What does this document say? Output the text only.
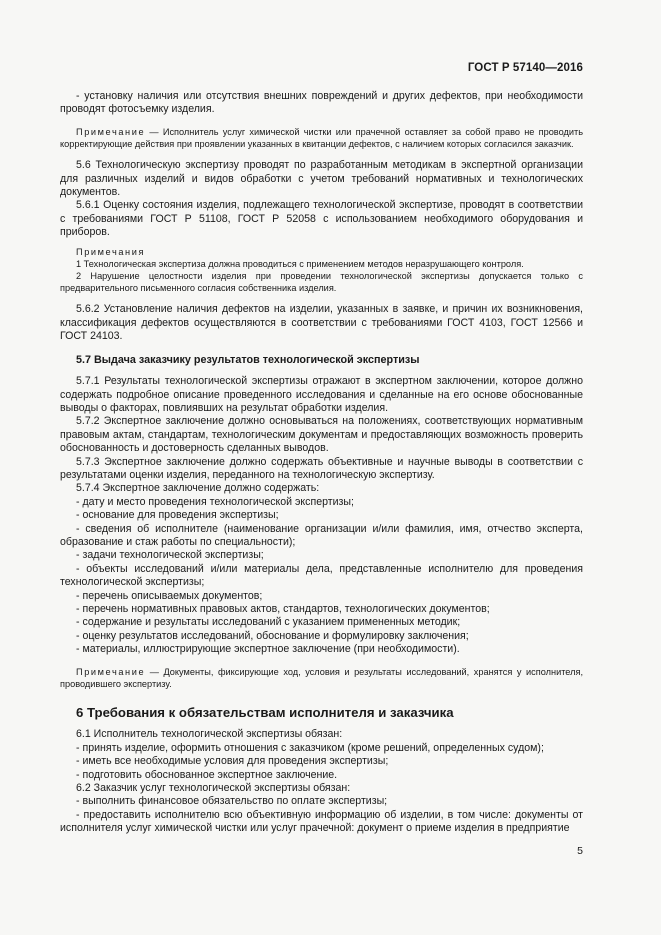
ГОСТ Р 57140—2016

- установку наличия или отсутствия внешних повреждений и других дефектов, при необходимости проводят фотосъемку изделия.

Примечание — Исполнитель услуг химической чистки или прачечной оставляет за собой право не проводить корректирующие действия при проявлении указанных в квитанции дефектов, с наличием которых согласился заказчик.

5.6 Технологическую экспертизу проводят по разработанным методикам в экспертной организации для различных изделий и видов обработки с учетом требований нормативных и технологических документов.

5.6.1 Оценку состояния изделия, подлежащего технологической экспертизе, проводят в соответствии с требованиями ГОСТ Р 51108, ГОСТ Р 52058 с использованием необходимого оборудования и приборов.

Примечания

1 Технологическая экспертиза должна проводиться с применением методов неразрушающего контроля.

2 Нарушение целостности изделия при проведении технологической экспертизы допускается только с предварительного письменного согласия собственника изделия.

5.6.2 Установление наличия дефектов на изделии, указанных в заявке, и причин их возникновения, классификация дефектов осуществляются в соответствии с требованиями ГОСТ 4103, ГОСТ 12566 и ГОСТ 24103.

5.7 Выдача заказчику результатов технологической экспертизы

5.7.1 Результаты технологической экспертизы отражают в экспертном заключении, которое должно содержать подробное описание проведенного исследования и сделанные на его основе обоснованные выводы о факторах, повлиявших на результат обработки изделия.

5.7.2 Экспертное заключение должно основываться на положениях, соответствующих нормативным правовым актам, стандартам, технологическим документам и предоставляющих возможность проверить обоснованность и достоверность сделанных выводов.

5.7.3 Экспертное заключение должно содержать объективные и научные выводы в соответствии с результатами оценки изделия, переданного на технологическую экспертизу.

5.7.4 Экспертное заключение должно содержать:

- дату и место проведения технологической экспертизы;

- основание для проведения экспертизы;

- сведения об исполнителе (наименование организации и/или фамилия, имя, отчество эксперта, образование и стаж работы по специальности);

- задачи технологической экспертизы;

- объекты исследований и/или материалы дела, представленные исполнителю для проведения технологической экспертизы;

- перечень описываемых документов;

- перечень нормативных правовых актов, стандартов, технологических документов;

- содержание и результаты исследований с указанием примененных методик;

- оценку результатов исследований, обоснование и формулировку заключения;

- материалы, иллюстрирующие экспертное заключение (при необходимости).

Примечание — Документы, фиксирующие ход, условия и результаты исследований, хранятся у исполнителя, проводившего экспертизу.

6 Требования к обязательствам исполнителя и заказчика

6.1 Исполнитель технологической экспертизы обязан:

- принять изделие, оформить отношения с заказчиком (кроме решений, определенных судом);

- иметь все необходимые условия для проведения экспертизы;

- подготовить обоснованное экспертное заключение.

6.2 Заказчик услуг технологической экспертизы обязан:

- выполнить финансовое обязательство по оплате экспертизы;

- предоставить исполнителю всю объективную информацию об изделии, в том числе: документы от исполнителя услуг химической чистки или услуг прачечной: документ о приеме изделия в предприятие

5
